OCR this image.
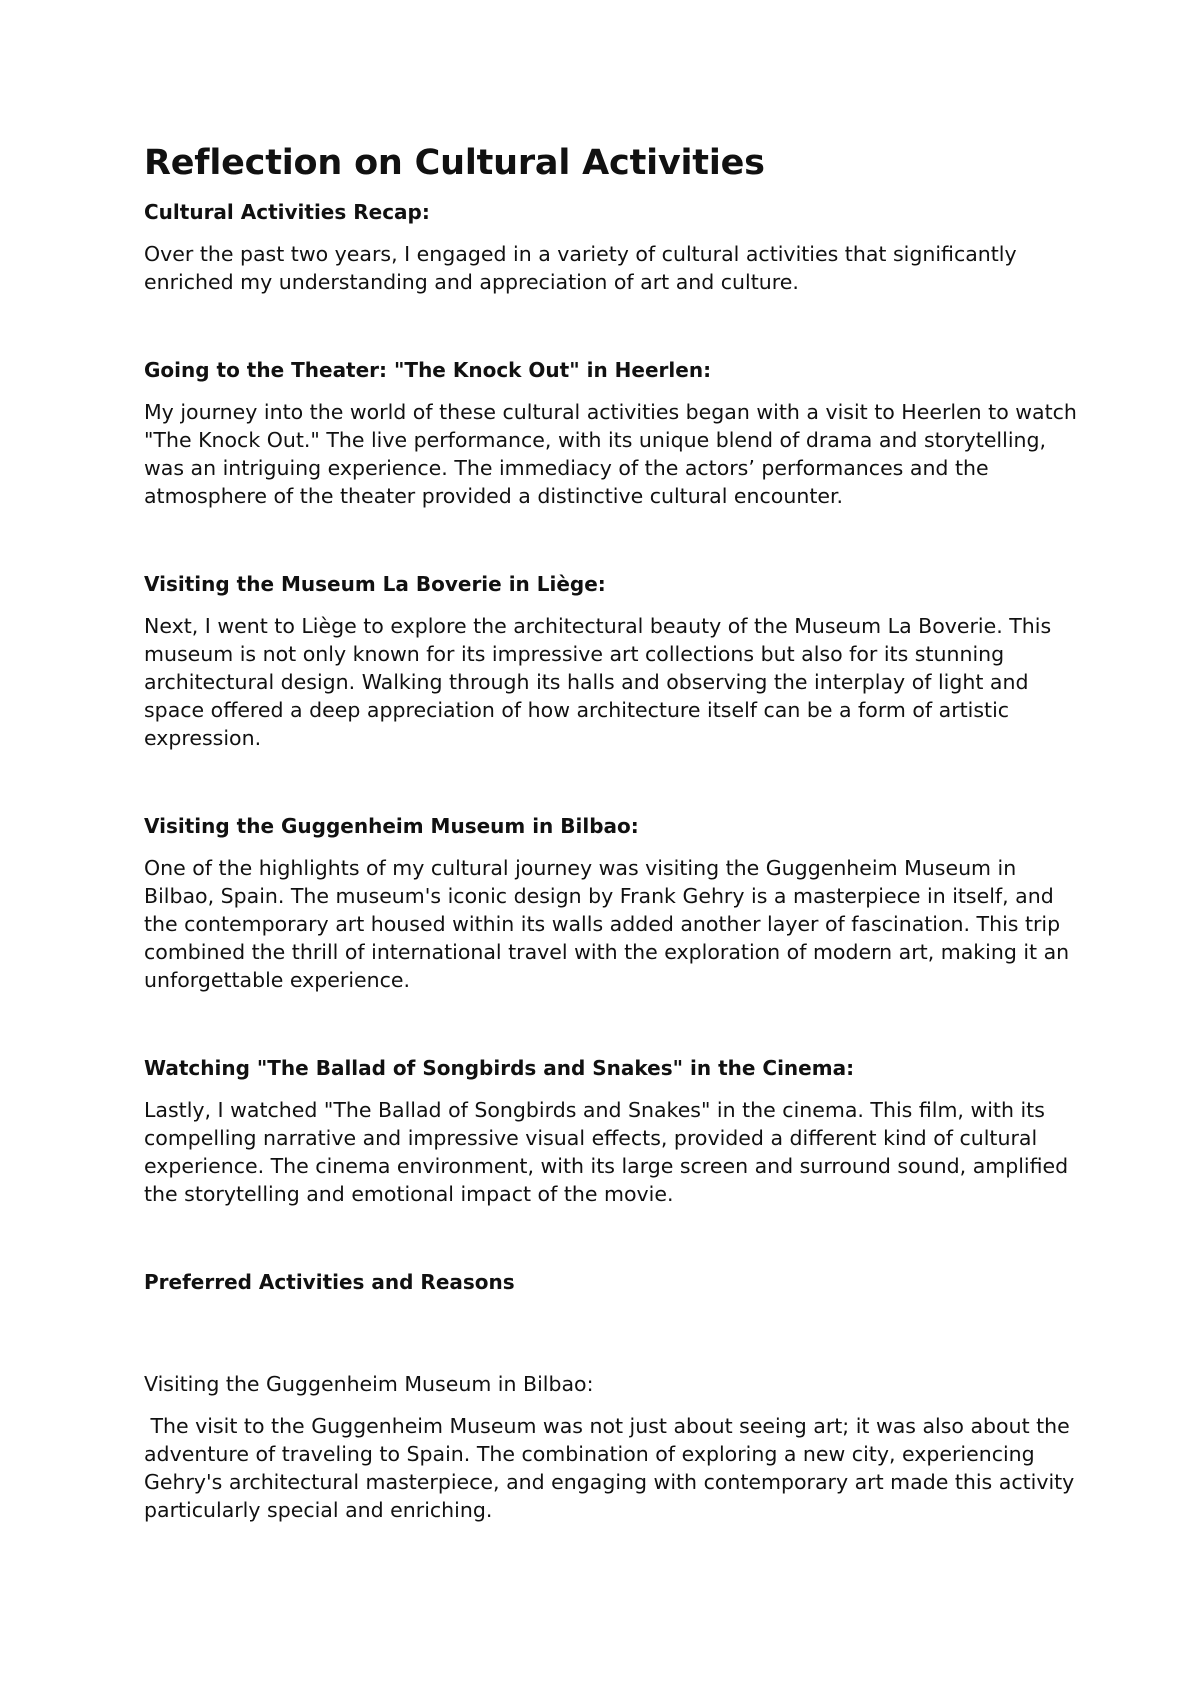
Reflection on Cultural Activities
Cultural Activities Recap:

Over the past two years, I engaged in a variety of cultural activities that significantly enriched my understanding and appreciation of art and culture.

Going to the Theater: "The Knock Out" in Heerlen:

My journey into the world of these cultural activities began with a visit to Heerlen to watch "The Knock Out." The live performance, with its unique blend of drama and storytelling, was an intriguing experience. The immediacy of the actors’ performances and the atmosphere of the theater provided a distinctive cultural encounter.

Visiting the Museum La Boverie in Liège:

Next, I went to Liège to explore the architectural beauty of the Museum La Boverie. This museum is not only known for its impressive art collections but also for its stunning architectural design. Walking through its halls and observing the interplay of light and space offered a deep appreciation of how architecture itself can be a form of artistic expression.

Visiting the Guggenheim Museum in Bilbao:

One of the highlights of my cultural journey was visiting the Guggenheim Museum in Bilbao, Spain. The museum's iconic design by Frank Gehry is a masterpiece in itself, and the contemporary art housed within its walls added another layer of fascination. This trip combined the thrill of international travel with the exploration of modern art, making it an unforgettable experience.

Watching "The Ballad of Songbirds and Snakes" in the Cinema:

Lastly, I watched "The Ballad of Songbirds and Snakes" in the cinema. This film, with its compelling narrative and impressive visual effects, provided a different kind of cultural experience. The cinema environment, with its large screen and surround sound, amplified the storytelling and emotional impact of the movie.

Preferred Activities and Reasons
Visiting the Guggenheim Museum in Bilbao:

The visit to the Guggenheim Museum was not just about seeing art; it was also about the adventure of traveling to Spain. The combination of exploring a new city, experiencing Gehry's architectural masterpiece, and engaging with contemporary art made this activity particularly special and enriching.
